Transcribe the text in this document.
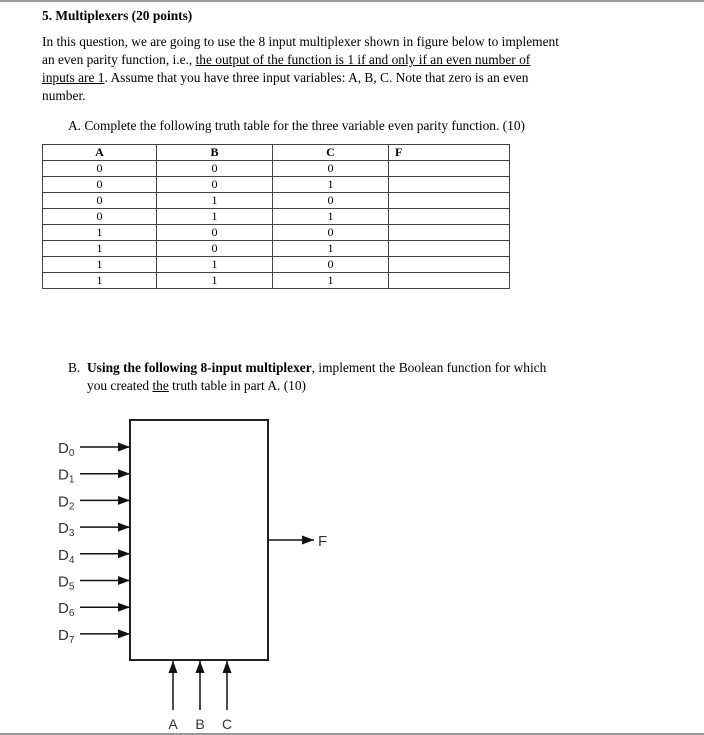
5. Multiplexers (20 points)
In this question, we are going to use the 8 input multiplexer shown in figure below to implement
an even parity function, i.e., the output of the function is 1 if and only if an even number of
inputs are 1. Assume that you have three input variables: A, B, C. Note that zero is an even
number.
A. Complete the following truth table for the three variable even parity function. (10)
A	B	C	F
0	0	0	
0	0	1	
0	1	0	
0	1	1	
1	0	0	
1	0	1	
1	1	0	
1	1	1	
B. Using the following 8-input multiplexer, implement the Boolean function for which
you created the truth table in part A. (10)
$D_0$
$D_1$
$D_2$
$D_3$
$D_4$
$D_5$
$D_6$
$D_7$
F
A B C
